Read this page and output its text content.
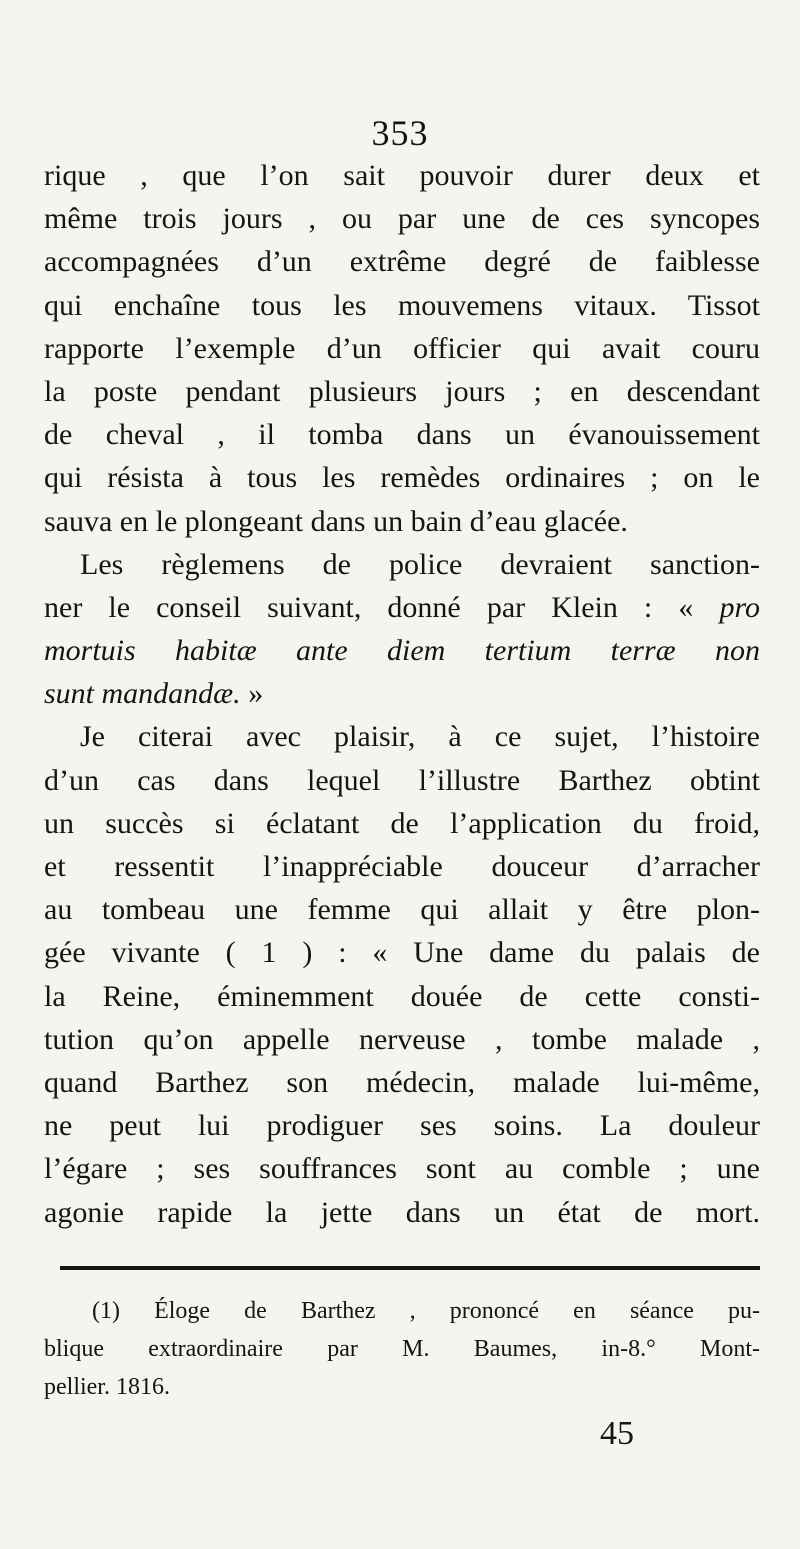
353
rique , que l’on sait pouvoir durer deux et
même trois jours , ou par une de ces syncopes
accompagnées d’un extrême degré de faiblesse
qui enchaîne tous les mouvemens vitaux. Tissot
rapporte l’exemple d’un officier qui avait couru
la poste pendant plusieurs jours ; en descendant
de cheval , il tomba dans un évanouissement
qui résista à tous les remèdes ordinaires ; on le
sauva en le plongeant dans un bain d’eau glacée.
Les règlemens de police devraient sanction-
ner le conseil suivant, donné par Klein : « pro
mortuis habitæ ante diem tertium terræ non
sunt mandandæ. »
Je citerai avec plaisir, à ce sujet, l’histoire
d’un cas dans lequel l’illustre Barthez obtint
un succès si éclatant de l’application du froid,
et ressentit l’inappréciable douceur d’arracher
au tombeau une femme qui allait y être plon-
gée vivante ( 1 ) : « Une dame du palais de
la Reine, éminemment douée de cette consti-
tution qu’on appelle nerveuse , tombe malade ,
quand Barthez son médecin, malade lui-même,
ne peut lui prodiguer ses soins. La douleur
l’égare ; ses souffrances sont au comble ; une
agonie rapide la jette dans un état de mort.
(1) Éloge de Barthez , prononcé en séance pu-
blique extraordinaire par M. Baumes, in-8.° Mont-
pellier. 1816.
45
